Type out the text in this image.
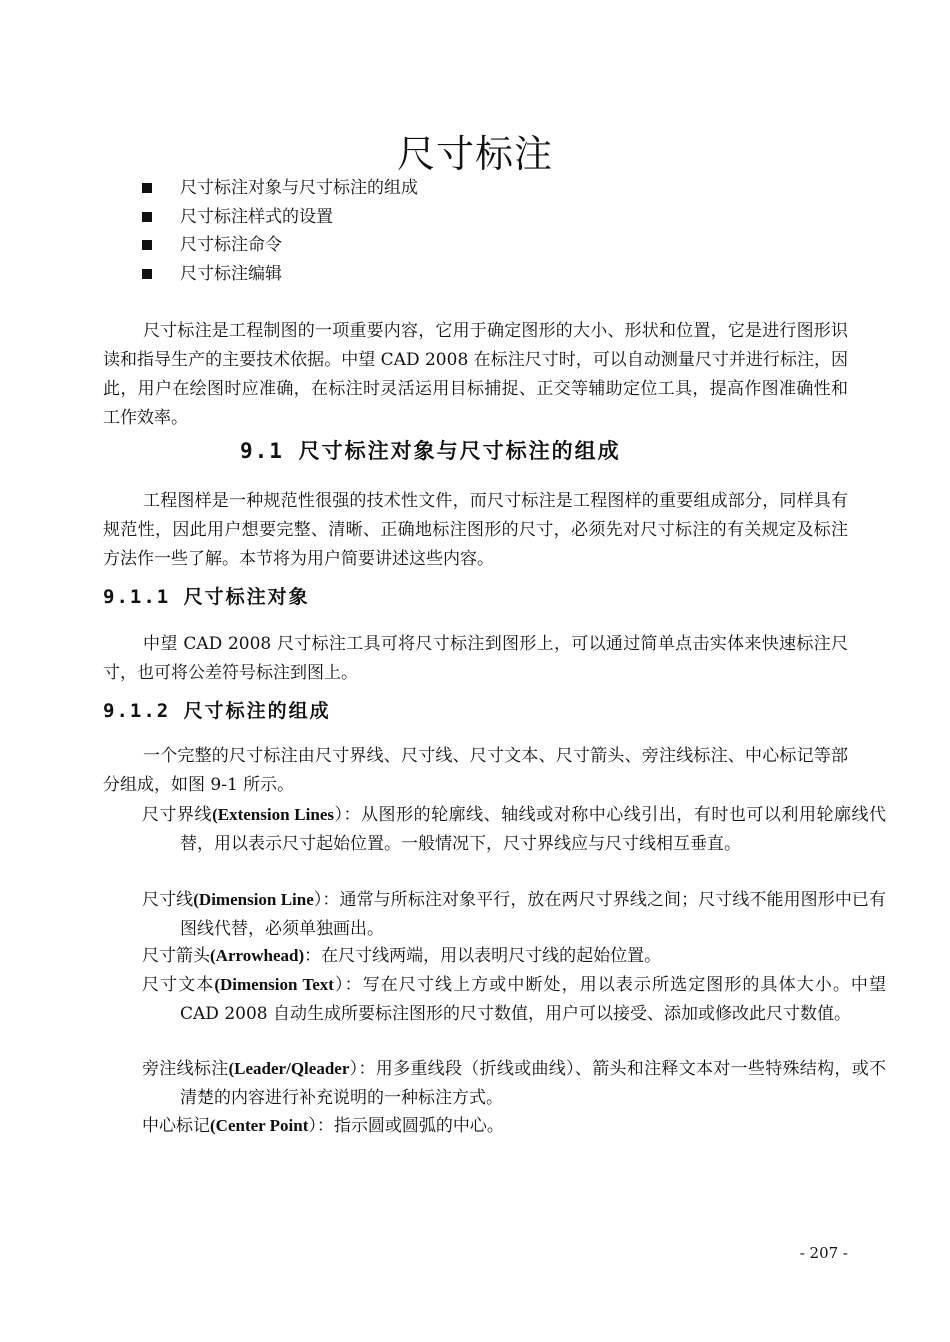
尺寸标注
尺寸标注对象与尺寸标注的组成
尺寸标注样式的设置
尺寸标注命令
尺寸标注编辑

尺寸标注是工程制图的一项重要内容，它用于确定图形的大小、形状和位置，它是进行图形识读和指导生产的主要技术依据。中望 CAD 2008 在标注尺寸时，可以自动测量尺寸并进行标注，因此，用户在绘图时应准确，在标注时灵活运用目标捕捉、正交等辅助定位工具，提高作图准确性和工作效率。

9.1 尺寸标注对象与尺寸标注的组成

工程图样是一种规范性很强的技术性文件，而尺寸标注是工程图样的重要组成部分，同样具有规范性，因此用户想要完整、清晰、正确地标注图形的尺寸，必须先对尺寸标注的有关规定及标注方法作一些了解。本节将为用户简要讲述这些内容。

9.1.1 尺寸标注对象

中望 CAD 2008 尺寸标注工具可将尺寸标注到图形上，可以通过简单点击实体来快速标注尺寸，也可将公差符号标注到图上。

9.1.2 尺寸标注的组成

一个完整的尺寸标注由尺寸界线、尺寸线、尺寸文本、尺寸箭头、旁注线标注、中心标记等部分组成，如图 9-1 所示。

尺寸界线(Extension Lines）：从图形的轮廓线、轴线或对称中心线引出，有时也可以利用轮廓线代替，用以表示尺寸起始位置。一般情况下，尺寸界线应与尺寸线相互垂直。

尺寸线(Dimension Line）：通常与所标注对象平行，放在两尺寸界线之间；尺寸线不能用图形中已有图线代替，必须单独画出。

尺寸箭头(Arrowhead)：在尺寸线两端，用以表明尺寸线的起始位置。

尺寸文本(Dimension Text）：写在尺寸线上方或中断处，用以表示所选定图形的具体大小。中望 CAD 2008 自动生成所要标注图形的尺寸数值，用户可以接受、添加或修改此尺寸数值。

旁注线标注(Leader/Qleader）：用多重线段（折线或曲线）、箭头和注释文本对一些特殊结构，或不清楚的内容进行补充说明的一种标注方式。

中心标记(Center Point）：指示圆或圆弧的中心。

- 207 -
